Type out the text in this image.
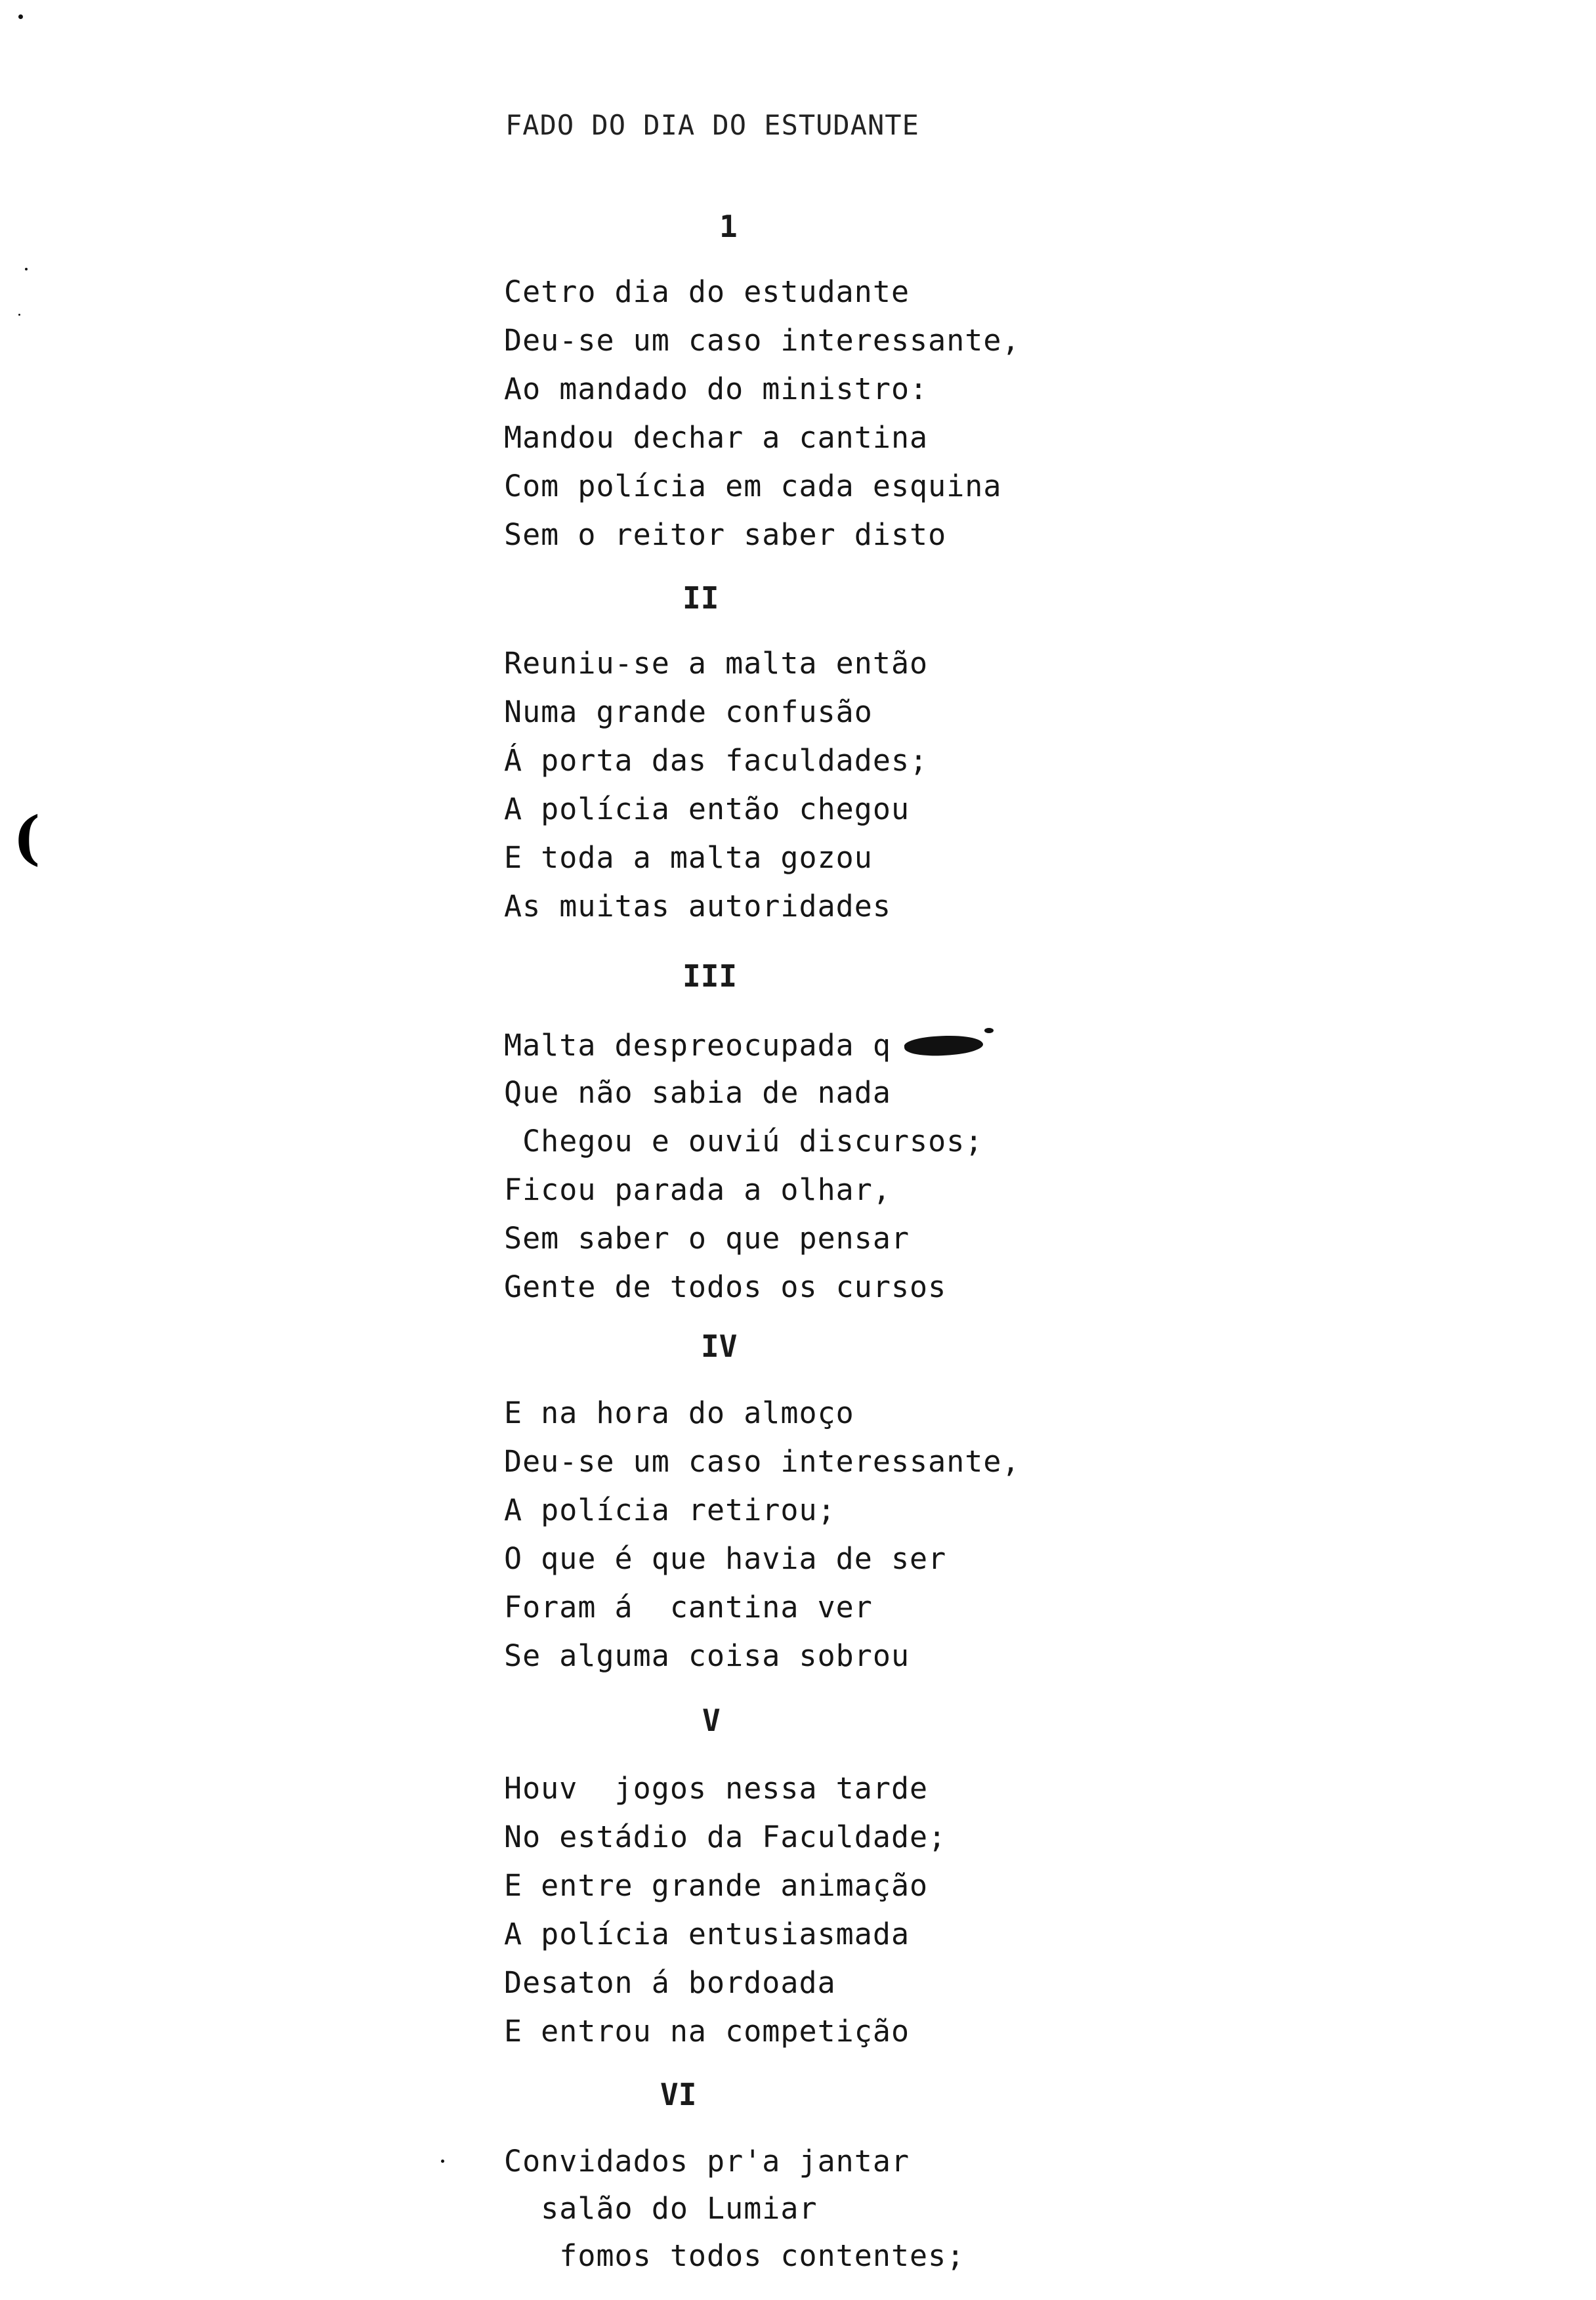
(
FADO DO DIA DO ESTUDANTE
1
Cetro dia do estudante
Deu-se um caso interessante,
Ao mandado do ministro:
Mandou dechar a cantina
Com polícia em cada esquina
Sem o reitor saber disto
II
Reuniu-se a malta então
Numa grande confusão
Á porta das faculdades;
A polícia então chegou
E toda a malta gozou
As muitas autoridades
III
Malta despreocupada q
Que não sabia de nada
Chegou e ouviú discursos;
Ficou parada a olhar,
Sem saber o que pensar
Gente de todos os cursos
IV
E na hora do almoço
Deu-se um caso interessante,
A polícia retirou;
O que é que havia de ser
Foram á  cantina ver
Se alguma coisa sobrou
V
Houv  jogos nessa tarde
No estádio da Faculdade;
E entre grande animação
A polícia entusiasmada
Desaton á bordoada
E entrou na competição
VI
Convidados pr'a jantar
salão do Lumiar
fomos todos contentes;
